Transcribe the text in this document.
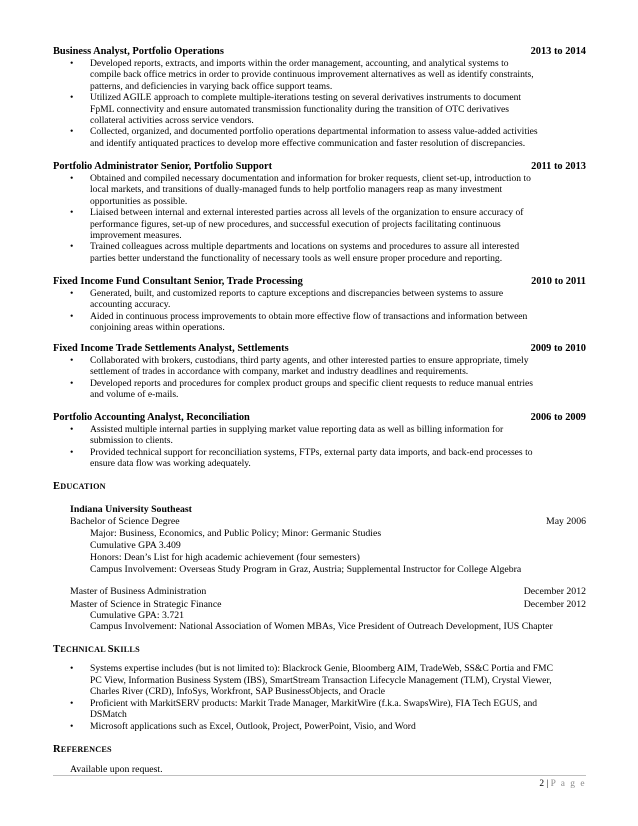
Business Analyst, Portfolio Operations	2013 to 2014
• Developed reports, extracts, and imports within the order management, accounting, and analytical systems to
compile back office metrics in order to provide continuous improvement alternatives as well as identify constraints,
patterns, and deficiencies in varying back office support teams.
• Utilized AGILE approach to complete multiple-iterations testing on several derivatives instruments to document
FpML connectivity and ensure automated transmission functionality during the transition of OTC derivatives
collateral activities across service vendors.
• Collected, organized, and documented portfolio operations departmental information to assess value-added activities
and identify antiquated practices to develop more effective communication and faster resolution of discrepancies.
Portfolio Administrator Senior, Portfolio Support	2011 to 2013
• Obtained and compiled necessary documentation and information for broker requests, client set-up, introduction to
local markets, and transitions of dually-managed funds to help portfolio managers reap as many investment
opportunities as possible.
• Liaised between internal and external interested parties across all levels of the organization to ensure accuracy of
performance figures, set-up of new procedures, and successful execution of projects facilitating continuous
improvement measures.
• Trained colleagues across multiple departments and locations on systems and procedures to assure all interested
parties better understand the functionality of necessary tools as well ensure proper procedure and reporting.
Fixed Income Fund Consultant Senior, Trade Processing	2010 to 2011
• Generated, built, and customized reports to capture exceptions and discrepancies between systems to assure
accounting accuracy.
• Aided in continuous process improvements to obtain more effective flow of transactions and information between
conjoining areas within operations.
Fixed Income Trade Settlements Analyst, Settlements	2009 to 2010
• Collaborated with brokers, custodians, third party agents, and other interested parties to ensure appropriate, timely
settlement of trades in accordance with company, market and industry deadlines and requirements.
• Developed reports and procedures for complex product groups and specific client requests to reduce manual entries
and volume of e-mails.
Portfolio Accounting Analyst, Reconciliation	2006 to 2009
• Assisted multiple internal parties in supplying market value reporting data as well as billing information for
submission to clients.
• Provided technical support for reconciliation systems, FTPs, external party data imports, and back-end processes to
ensure data flow was working adequately.
EDUCATION
Indiana University Southeast
Bachelor of Science Degree	May 2006
Major: Business, Economics, and Public Policy; Minor: Germanic Studies
Cumulative GPA 3.409
Honors: Dean’s List for high academic achievement (four semesters)
Campus Involvement: Overseas Study Program in Graz, Austria; Supplemental Instructor for College Algebra
Master of Business Administration	December 2012
Master of Science in Strategic Finance	December 2012
Cumulative GPA: 3.721
Campus Involvement: National Association of Women MBAs, Vice President of Outreach Development, IUS Chapter
TECHNICAL SKILLS
• Systems expertise includes (but is not limited to): Blackrock Genie, Bloomberg AIM, TradeWeb, SS&C Portia and FMC
PC View, Information Business System (IBS), SmartStream Transaction Lifecycle Management (TLM), Crystal Viewer,
Charles River (CRD), InfoSys, Workfront, SAP BusinessObjects, and Oracle
• Proficient with MarkitSERV products: Markit Trade Manager, MarkitWire (f.k.a. SwapsWire), FIA Tech EGUS, and
DSMatch
• Microsoft applications such as Excel, Outlook, Project, PowerPoint, Visio, and Word
REFERENCES
Available upon request.
2 | P a g e
